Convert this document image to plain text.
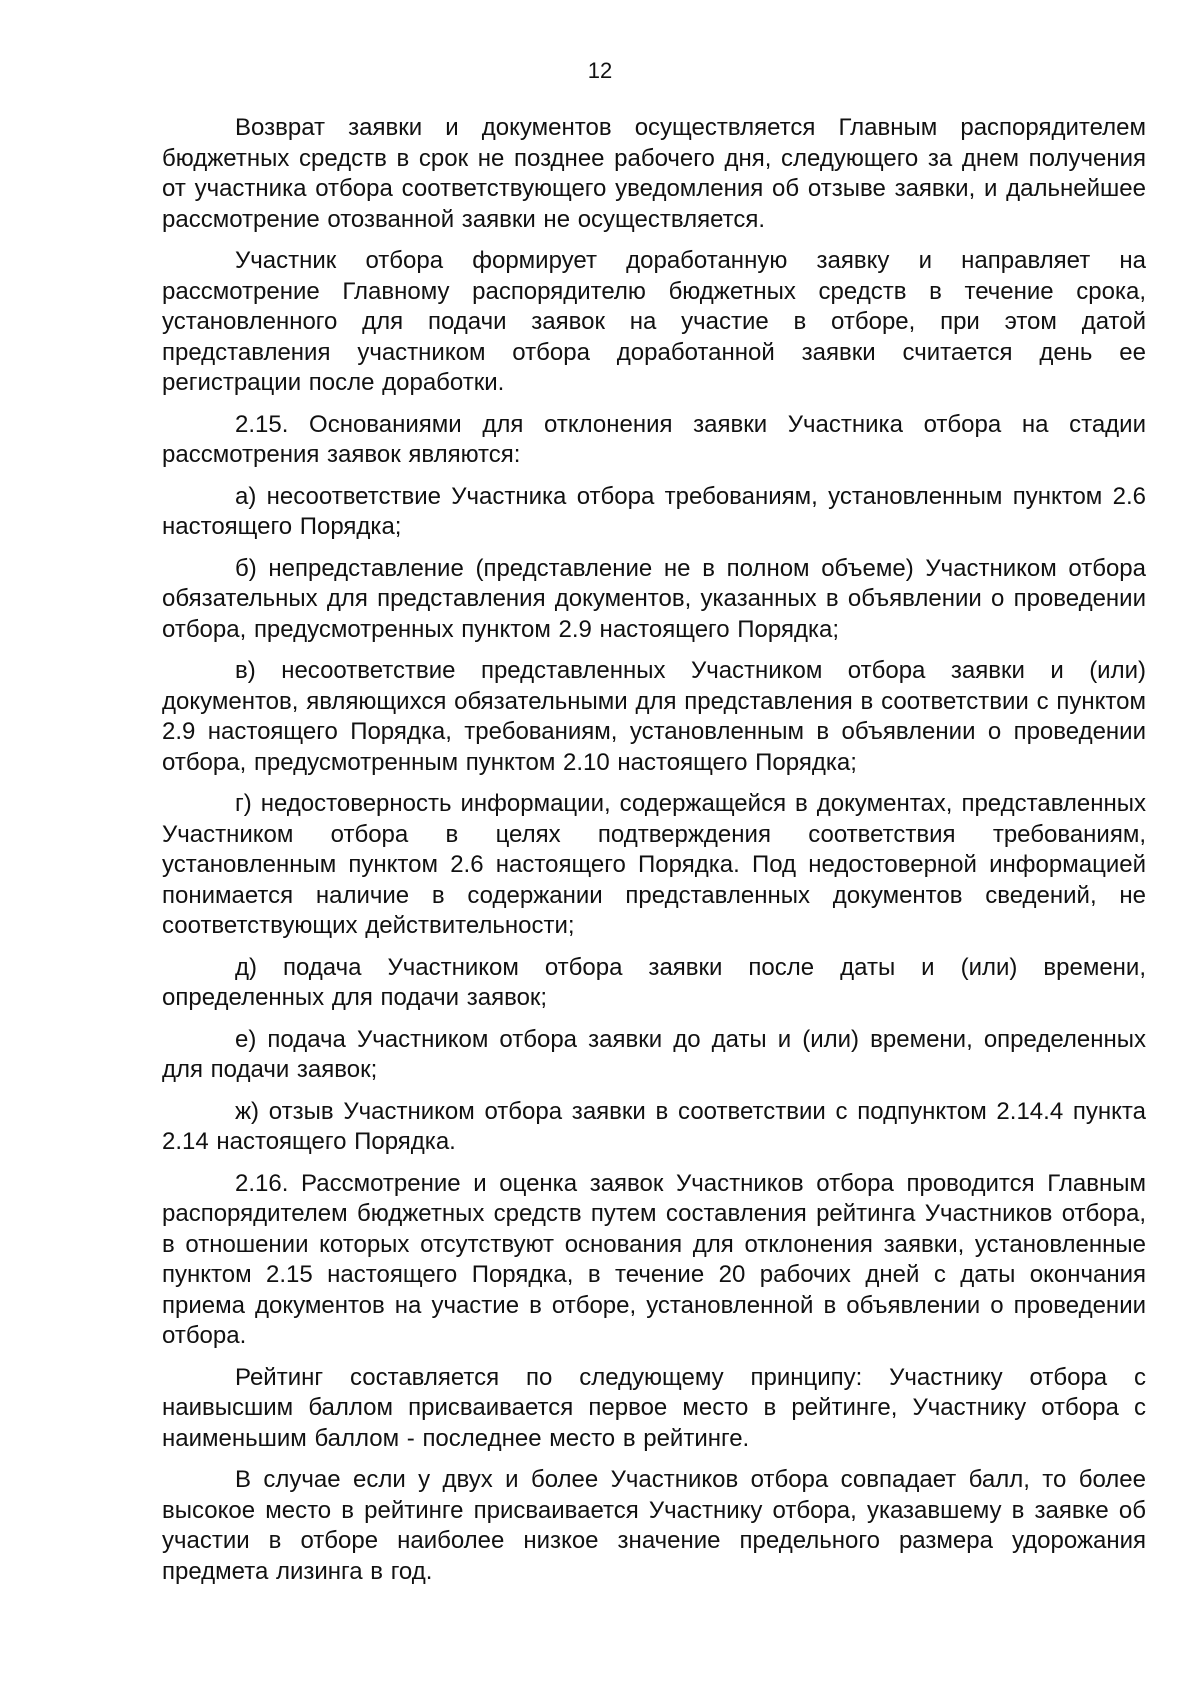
12

Возврат заявки и документов осуществляется Главным распорядителем бюджетных средств в срок не позднее рабочего дня, следующего за днем получения от участника отбора соответствующего уведомления об отзыве заявки, и дальнейшее рассмотрение отозванной заявки не осуществляется.

Участник отбора формирует доработанную заявку и направляет на рассмотрение Главному распорядителю бюджетных средств в течение срока, установленного для подачи заявок на участие в отборе, при этом датой представления участником отбора доработанной заявки считается день ее регистрации после доработки.

2.15. Основаниями для отклонения заявки Участника отбора на стадии рассмотрения заявок являются:

а) несоответствие Участника отбора требованиям, установленным пунктом 2.6 настоящего Порядка;

б) непредставление (представление не в полном объеме) Участником отбора обязательных для представления документов, указанных в объявлении о проведении отбора, предусмотренных пунктом 2.9 настоящего Порядка;

в) несоответствие представленных Участником отбора заявки и (или) документов, являющихся обязательными для представления в соответствии с пунктом 2.9 настоящего Порядка, требованиям, установленным в объявлении о проведении отбора, предусмотренным пунктом 2.10 настоящего Порядка;

г) недостоверность информации, содержащейся в документах, представленных Участником отбора в целях подтверждения соответствия требованиям, установленным пунктом 2.6 настоящего Порядка. Под недостоверной информацией понимается наличие в содержании представленных документов сведений, не соответствующих действительности;

д) подача Участником отбора заявки после даты и (или) времени, определенных для подачи заявок;

е) подача Участником отбора заявки до даты и (или) времени, определенных для подачи заявок;

ж) отзыв Участником отбора заявки в соответствии с подпунктом 2.14.4 пункта 2.14 настоящего Порядка.

2.16. Рассмотрение и оценка заявок Участников отбора проводится Главным распорядителем бюджетных средств путем составления рейтинга Участников отбора, в отношении которых отсутствуют основания для отклонения заявки, установленные пунктом 2.15 настоящего Порядка, в течение 20 рабочих дней с даты окончания приема документов на участие в отборе, установленной в объявлении о проведении отбора.

Рейтинг составляется по следующему принципу: Участнику отбора с наивысшим баллом присваивается первое место в рейтинге, Участнику отбора с наименьшим баллом - последнее место в рейтинге.

В случае если у двух и более Участников отбора совпадает балл, то более высокое место в рейтинге присваивается Участнику отбора, указавшему в заявке об участии в отборе наиболее низкое значение предельного размера удорожания предмета лизинга в год.
